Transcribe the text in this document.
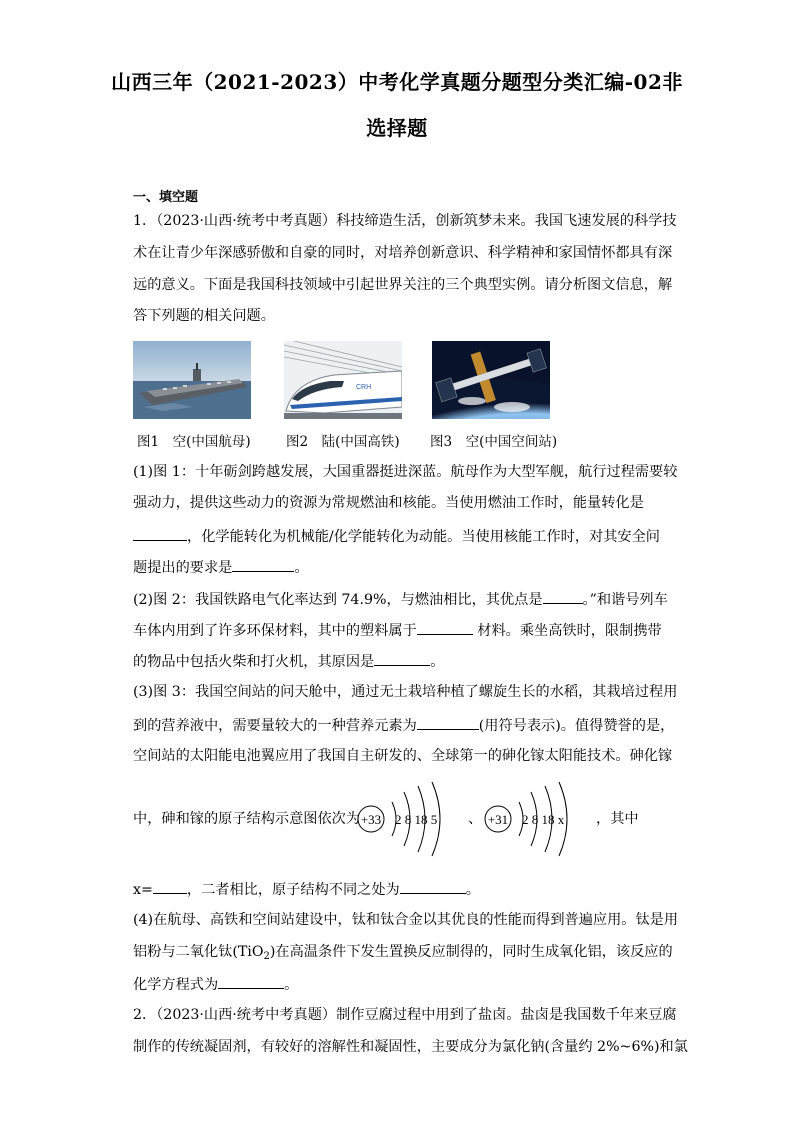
山西三年（2021-2023）中考化学真题分题型分类汇编-02非
选择题
一、填空题
1．（2023·山西·统考中考真题）科技缔造生活，创新筑梦未来。我国飞速发展的科学技
术在让青少年深感骄傲和自豪的同时，对培养创新意识、科学精神和家国情怀都具有深
远的意义。下面是我国科技领域中引起世界关注的三个典型实例。请分析图文信息，解
答下列题的相关问题。
CRH
图1　空(中国航母)	图2　陆(中国高铁) 图3　空(中国空间站)
(1)图 1：十年砺剑跨越发展，大国重器挺进深蓝。航母作为大型军舰，航行过程需要较
强动力，提供这些动力的资源为常规燃油和核能。当使用燃油工作时，能量转化是
，化学能转化为机械能/化学能转化为动能。当使用核能工作时，对其安全问
题提出的要求是	。
(2)图 2：我国铁路电气化率达到 74.9%，与燃油相比，其优点是	。”和谐号列车
车体内用到了许多环保材料，其中的塑料属于	材料。乘坐高铁时，限制携带
的物品中包括火柴和打火机，其原因是	。
(3)图 3：我国空间站的问天舱中，通过无土栽培种植了螺旋生长的水稻，其栽培过程用
到的营养液中，需要量较大的一种营养元素为	(用符号表示)。值得赞誉的是，
空间站的太阳能电池翼应用了我国自主研发的、全球第一的砷化镓太阳能技术。砷化镓
中，砷和镓的原子结构示意图依次为 +33 2 8 18 5 、 +31 2 8 18 x ，其中
x= ，二者相比，原子结构不同之处为	。
(4)在航母、高铁和空间站建设中，钛和钛合金以其优良的性能而得到普遍应用。钛是用
铝粉与二氧化钛(TiO$_2$)在高温条件下发生置换反应制得的，同时生成氧化铝，该反应的
化学方程式为	。
2．（2023·山西·统考中考真题）制作豆腐过程中用到了盐卤。盐卤是我国数千年来豆腐
制作的传统凝固剂，有较好的溶解性和凝固性，主要成分为氯化钠(含量约 2%~6%)和氯
